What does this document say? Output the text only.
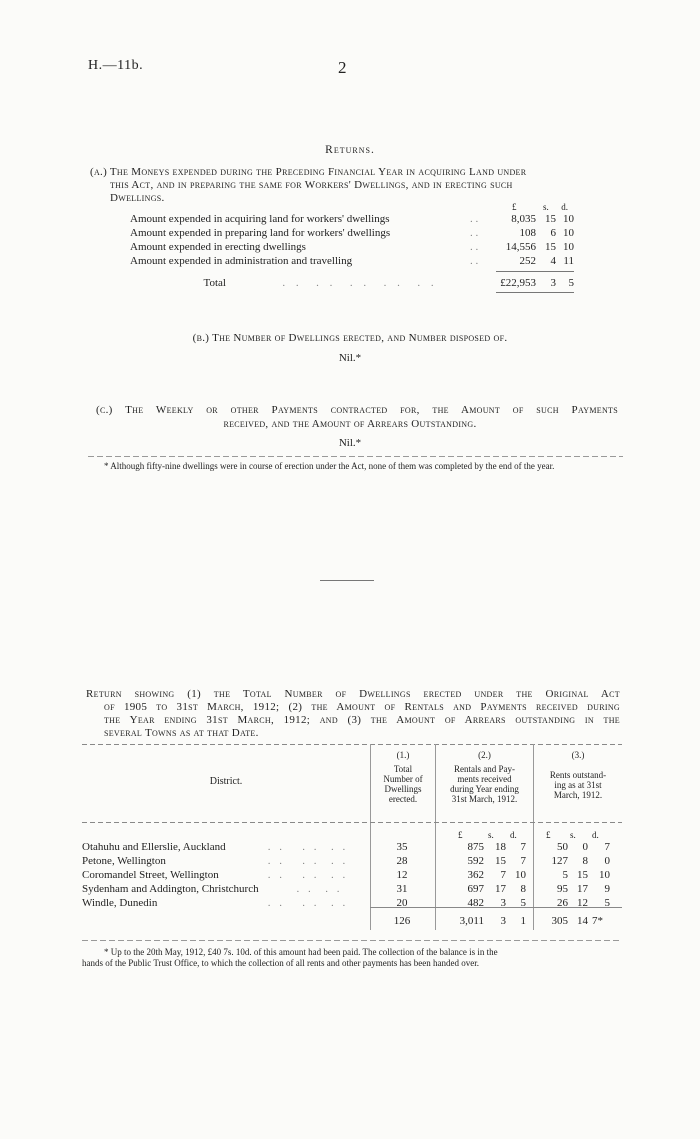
H.—11b.	2
Returns.
(a.) The Moneys expended during the Preceding Financial Year in acquiring Land under
this Act, and in preparing the same for Workers' Dwellings, and in erecting such
Dwellings.
£	s. d.
Amount expended in acquiring land for workers' dwellings	. .	8,035 15 10
Amount expended in preparing land for workers' dwellings	. .	108	6 10
Amount expended in erecting dwellings	. .	14,556 15 10
Amount expended in administration and travelling	. .	252	4 11
Total	. .  . .  . .  . .  . .	£22,953	3	5
(b.) The Number of Dwellings erected, and Number disposed of.
Nil.*
(c.) The Weekly or other Payments contracted for, the Amount of such Payments
received, and the Amount of Arrears Outstanding.
Nil.*
* Although fifty-nine dwellings were in course of erection under the Act, none of them was completed by the end of the year.
Return showing (1) the Total Number of Dwellings erected under the Original Act
of 1905 to 31st March, 1912; (2) the Amount of Rentals and Payments received during
the Year ending 31st March, 1912; and (3) the Amount of Arrears outstanding in the
several Towns as at that Date.
District.
(1.)
Total
Number of
Dwellings
erected.
(2.)
Rentals and Pay-
ments received
during Year ending
31st March, 1912.
(3.)
Rents outstand-
ing as at 31st
March, 1912.
£	s. d.	£ s. d.
Otahuhu and Ellerslie, Auckland	35	875	18	7	50	0	7
Petone, Wellington	28	592	15	7	127	8	0
Coromandel Street, Wellington	12	362	7 10	5 15	10
Sydenham and Addington, Christchurch	31	697	17	8	95 17	9
Windle, Dunedin	20	482	3	5	26 12	5
. .   . .  . .
. .   . .  . .
. .   . .  . .
. .  . .
. .   . .  . .
126	3,011	3	1	305 14 7*
* Up to the 20th May, 1912, £40 7s. 10d. of this amount had been paid. The collection of the balance is in the
hands of the Public Trust Office, to which the collection of all rents and other payments has been handed over.
